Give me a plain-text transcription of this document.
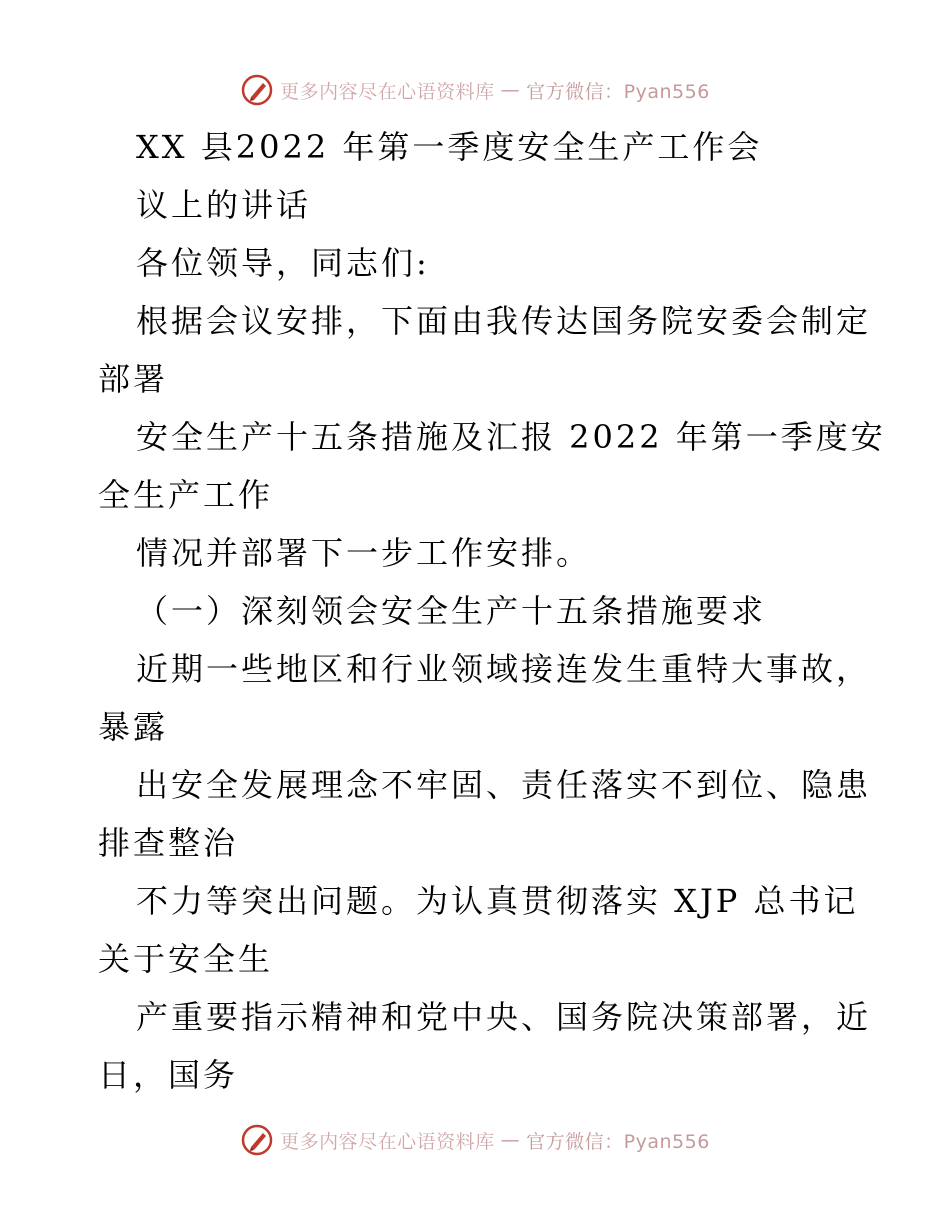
更多内容尽在心语资料库 — 官方微信：Pyan556
XX 县2022 年第一季度安全生产工作会
议上的讲话
各位领导，同志们:
根据会议安排，下面由我传达国务院安委会制定
部署
安全生产十五条措施及汇报 2022 年第一季度安
全生产工作
情况并部署下一步工作安排。
（一）深刻领会安全生产十五条措施要求
近期一些地区和行业领域接连发生重特大事故，
暴露
出安全发展理念不牢固、责任落实不到位、隐患
排查整治
不力等突出问题。为认真贯彻落实 XJP 总书记
关于安全生
产重要指示精神和党中央、国务院决策部署，近
日，国务
更多内容尽在心语资料库 — 官方微信：Pyan556
